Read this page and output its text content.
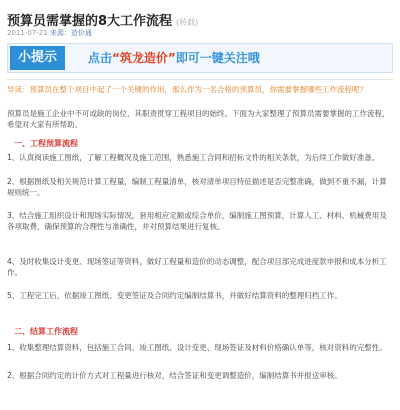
预算员需掌握的8大工作流程 (转载)
2011-07-21 来源：造价通
小提示	点击“筑龙造价”即可一键关注哦

导读：预算员在整个项目中起了一个关键的作用，那么作为一名合格的预算员，你需要掌握哪些工作流程呢？

预算员是施工企业中不可或缺的岗位，其职责贯穿工程项目的始终。下面为大家整理了预算员需要掌握的工作流程，希望对大家有所帮助。

一、工程预算流程

1、认真阅读施工图纸，了解工程概况及施工范围，熟悉施工合同和招标文件的相关条款，为后续工作做好准备。

2、根据图纸及相关规范计算工程量，编制工程量清单，核对清单项目特征描述是否完整准确，做到不重不漏，计算规则统一。

3、结合施工组织设计和现场实际情况，套用相应定额或综合单价，编制施工图预算，计算人工、材料、机械费用及各项取费，确保预算的合理性与准确性，并对预算结果进行复核。

4、及时收集设计变更、现场签证等资料，做好工程量和造价的动态调整，配合项目部完成进度款申报和成本分析工作。

5、工程完工后，依据竣工图纸、变更签证及合同约定编制结算书，并做好结算资料的整理归档工作。

二、结算工作流程

1、收集整理结算资料，包括施工合同、竣工图纸、设计变更、现场签证及材料价格确认单等，核对资料的完整性。

2、根据合同约定的计价方式对工程量进行核对，结合签证和变更调整造价，编制结算书并报送审核。
